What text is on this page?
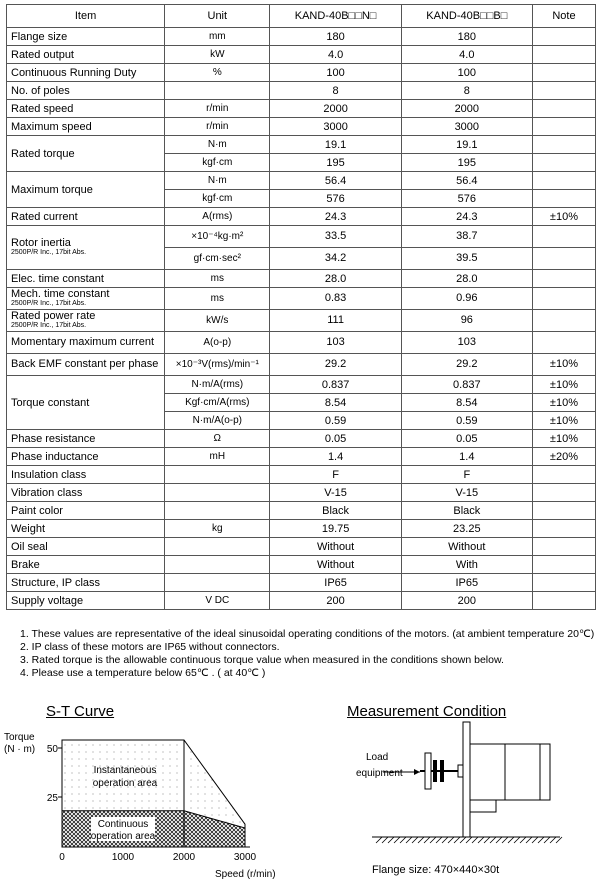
Item	Unit	KAND-40B□□N□	KAND-40B□□B□	Note
Flange size	mm	180	180	
Rated output	kW	4.0	4.0	
Continuous Running Duty	%	100	100	
No. of poles		8	8	
Rated speed	r/min	2000	2000	
Maximum speed	r/min	3000	3000	
Rated torque	N·m	19.1	19.1	
	kgf·cm	195	195	
Maximum torque	N·m	56.4	56.4	
	kgf·cm	576	576	
Rated current	A(rms)	24.3	24.3	±10%
Rotor inertia
2500P/R Inc., 17bit Abs.	×10⁻⁴kg·m²	33.5	38.7	
	gf·cm·sec²	34.2	39.5	
Elec. time constant	ms	28.0	28.0	
Mech. time constant
2500P/R Inc., 17bit Abs.	ms	0.83	0.96	
Rated power rate
2500P/R Inc., 17bit Abs.	kW/s	111	96	
Momentary maximum current	A(o-p)	103	103	
Back EMF constant per phase	×10⁻³V(rms)/min⁻¹	29.2	29.2	±10%
Torque constant	N·m/A(rms)	0.837	0.837	±10%
	Kgf·cm/A(rms)	8.54	8.54	±10%
	N·m/A(o-p)	0.59	0.59	±10%
Phase resistance	Ω	0.05	0.05	±10%
Phase inductance	mH	1.4	1.4	±20%
Insulation class		F	F	
Vibration class		V-15	V-15	
Paint color		Black	Black	
Weight	kg	19.75	23.25	
Oil seal		Without	Without	
Brake		Without	With	
Structure, IP class		IP65	IP65	
Supply voltage	V DC	200	200	
1. These values are representative of the ideal sinusoidal operating conditions of the motors. (at ambient temperature 20℃)
2. IP class of these motors are IP65 without connectors.
3. Rated torque is the allowable continuous torque value when measured in the conditions shown below.
4. Please use a temperature below 65℃ . ( at 40℃ )
S-T Curve	Measurement Condition
Torque
(N · m) 50
25
0	1000	2000	3000
Speed (r/min)
Instantaneous
operation area
Continuous
operation area
Load
equipment
Flange size: 470×440×30t
